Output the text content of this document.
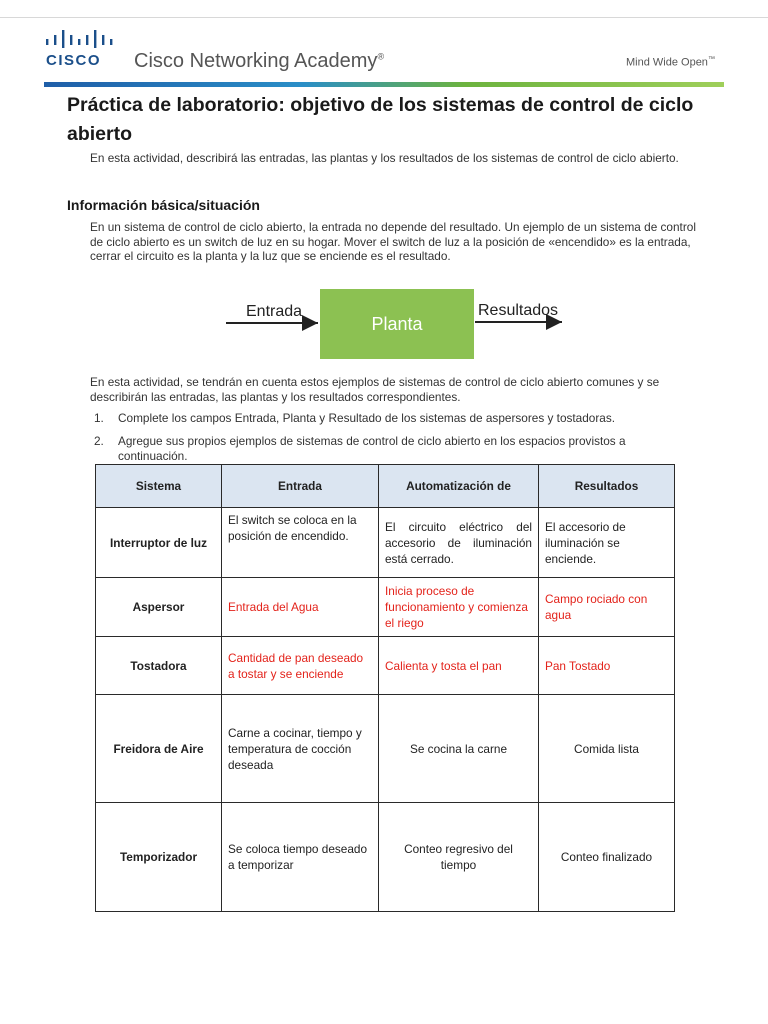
CISCO Cisco Networking Academy®
Mind Wide Open™
Práctica de laboratorio: objetivo de los sistemas de control de ciclo abierto
En esta actividad, describirá las entradas, las plantas y los resultados de los sistemas de control de ciclo abierto.
Información básica/situación
En un sistema de control de ciclo abierto, la entrada no depende del resultado. Un ejemplo de un sistema de control de ciclo abierto es un switch de luz en su hogar. Mover el switch de luz a la posición de «encendido» es la entrada, cerrar el circuito es la planta y la luz que se enciende es el resultado.
Entrada
Planta
Resultados
En esta actividad, se tendrán en cuenta estos ejemplos de sistemas de control de ciclo abierto comunes y se describirán las entradas, las plantas y los resultados correspondientes.
1. Complete los campos Entrada, Planta y Resultado de los sistemas de aspersores y tostadoras.
2. Agregue sus propios ejemplos de sistemas de control de ciclo abierto en los espacios provistos a continuación.
Sistema	Entrada	Automatización de	Resultados

Interruptor de luz	El switch se coloca en la posición de encendido.	El circuito eléctrico del accesorio de iluminación está cerrado.	El accesorio de iluminación se enciende.

Aspersor	Entrada del Agua	Inicia proceso de funcionamiento y comienza el riego	Campo rociado con agua

Tostadora	Cantidad de pan deseado a tostar y se enciende	Calienta y tosta el pan	Pan Tostado

Freidora de Aire	Carne a cocinar, tiempo y temperatura de cocción deseada	Se cocina la carne	Comida lista

Temporizador	Se coloca tiempo deseado a temporizar	Conteo regresivo del tiempo	Conteo finalizado
